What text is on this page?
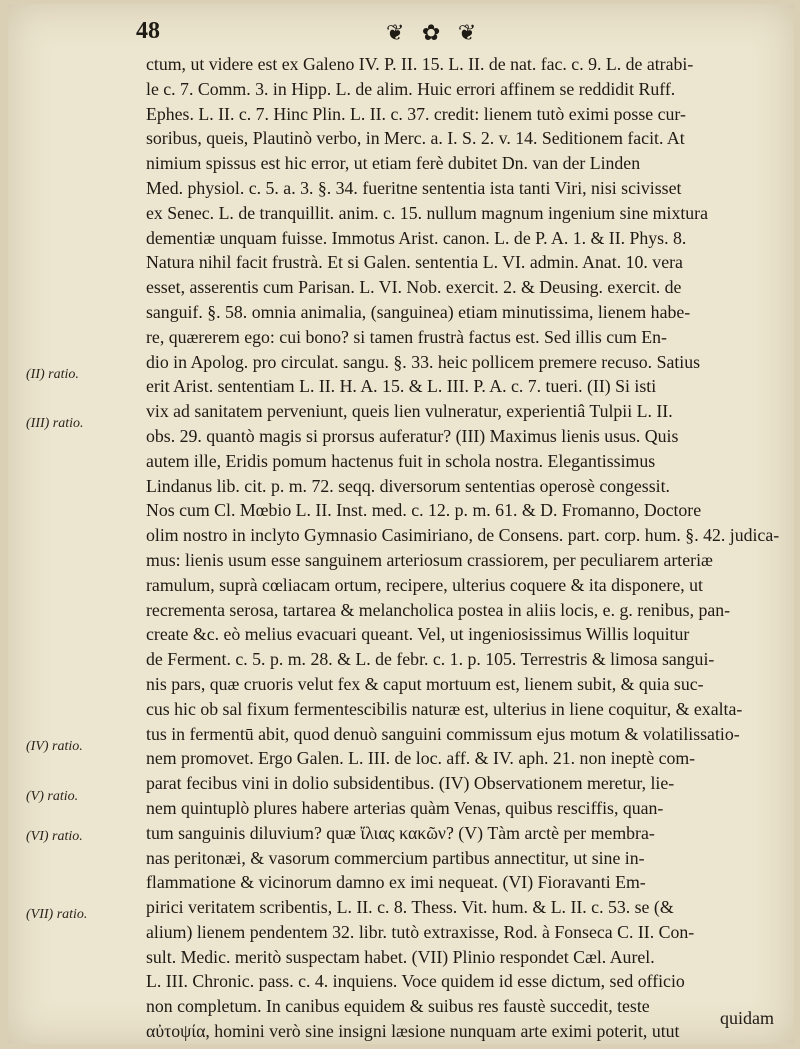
48	❦ ✿ ❦
(II) ratio.
(III) ratio.
(IV) ratio.
(V) ratio.
(VI) ratio.
(VII) ratio.
ctum, ut videre est ex Galeno IV. P. II. 15. L. II. de nat. fac. c. 9. L. de atrabi-
le c. 7. Comm. 3. in Hipp. L. de alim. Huic errori affinem se reddidit Ruff.
Ephes. L. II. c. 7. Hinc Plin. L. II. c. 37. credit: lienem tutò eximi posse cur-
soribus, queis, Plautinò verbo, in Merc. a. I. S. 2. v. 14. Seditionem facit. At
nimium spissus est hic error, ut etiam ferè dubitet Dn. van der Linden
Med. physiol. c. 5. a. 3. §. 34. fueritne sententia ista tanti Viri, nisi scivisset
ex Senec. L. de tranquillit. anim. c. 15. nullum magnum ingenium sine mixtura
dementiæ unquam fuisse. Immotus Arist. canon. L. de P. A. 1. & II. Phys. 8.
Natura nihil facit frustrà. Et si Galen. sententia L. VI. admin. Anat. 10. vera
esset, asserentis cum Parisan. L. VI. Nob. exercit. 2. & Deusing. exercit. de
sanguif. §. 58. omnia animalia, (sanguinea) etiam minutissima, lienem habe-
re, quærerem ego: cui bono? si tamen frustrà factus est. Sed illis cum En-
dio in Apolog. pro circulat. sangu. §. 33. heic pollicem premere recuso. Satius
erit Arist. sententiam L. II. H. A. 15. & L. III. P. A. c. 7. tueri. (II) Si isti
vix ad sanitatem perveniunt, queis lien vulneratur, experientiâ Tulpii L. II.
obs. 29. quantò magis si prorsus auferatur? (III) Maximus lienis usus. Quis
autem ille, Eridis pomum hactenus fuit in schola nostra. Elegantissimus
Lindanus lib. cit. p. m. 72. seqq. diversorum sententias operosè congessit.
Nos cum Cl. Mœbio L. II. Inst. med. c. 12. p. m. 61. & D. Fromanno, Doctore
olim nostro in inclyto Gymnasio Casimiriano, de Consens. part. corp. hum. §. 42. judica-
mus: lienis usum esse sanguinem arteriosum crassiorem, per peculiarem arteriæ
ramulum, suprà cœliacam ortum, recipere, ulterius coquere & ita disponere, ut
recrementa serosa, tartarea & melancholica postea in aliis locis, e. g. renibus, pan-
create &c. eò melius evacuari queant. Vel, ut ingeniosissimus Willis loquitur
de Ferment. c. 5. p. m. 28. & L. de febr. c. 1. p. 105. Terrestris & limosa sangui-
nis pars, quæ cruoris velut fex & caput mortuum est, lienem subit, & quia suc-
cus hic ob sal fixum fermentescibilis naturæ est, ulterius in liene coquitur, & exalta-
tus in fermentū abit, quod denuò sanguini commissum ejus motum & volatilissatio-
nem promovet. Ergo Galen. L. III. de loc. aff. & IV. aph. 21. non ineptè com-
parat fecibus vini in dolio subsidentibus. (IV) Observationem meretur, lie-
nem quintuplò plures habere arterias quàm Venas, quibus resciffis, quan-
tum sanguinis diluvium? quæ ἴλιας κακῶν? (V) Tàm arctè per membra-
nas peritonæi, & vasorum commercium partibus annectitur, ut sine in-
flammatione & vicinorum damno ex imi nequeat. (VI) Fioravanti Em-
pirici veritatem scribentis, L. II. c. 8. Thess. Vit. hum. & L. II. c. 53. se (&
alium) lienem pendentem 32. libr. tutò extraxisse, Rod. à Fonseca C. II. Con-
sult. Medic. meritò suspectam habet. (VII) Plinio respondet Cæl. Aurel.
L. III. Chronic. pass. c. 4. inquiens. Voce quidem id esse dictum, sed officio
non completum. In canibus equidem & suibus res faustè succedit, teste
αὐτοψία, homini verò sine insigni læsione nunquam arte eximi poterit, utut
quidam
